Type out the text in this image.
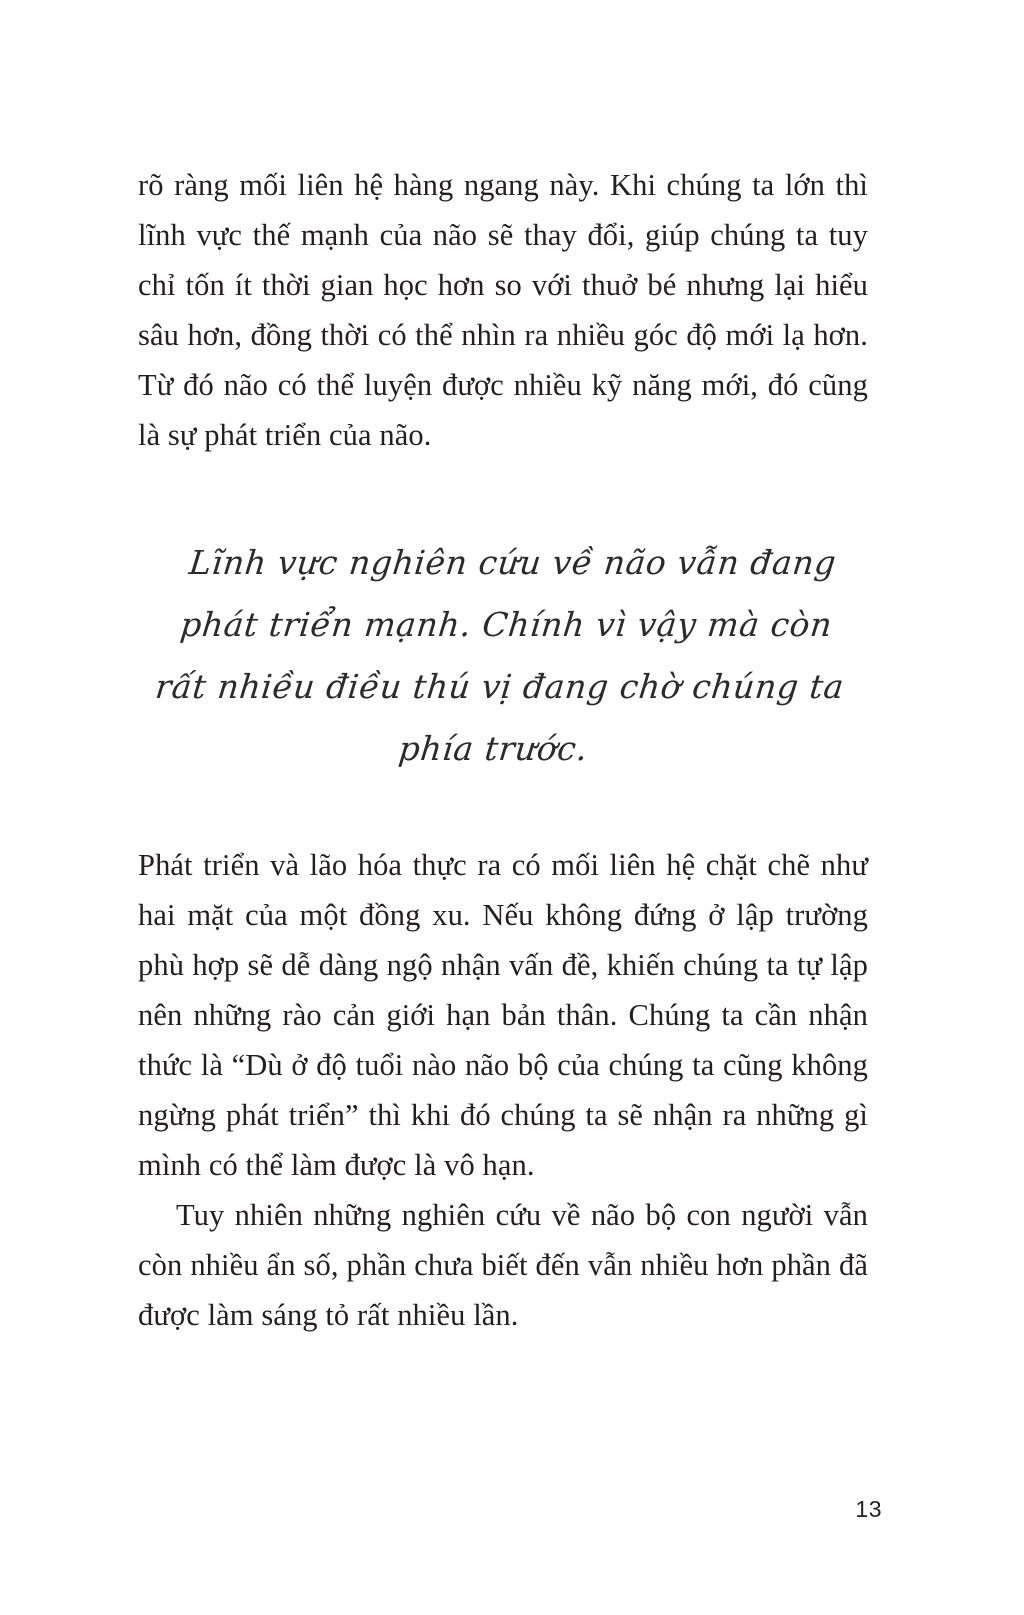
rõ ràng mối liên hệ hàng ngang này. Khi chúng ta lớn thì lĩnh vực thế mạnh của não sẽ thay đổi, giúp chúng ta tuy chỉ tốn ít thời gian học hơn so với thuở bé nhưng lại hiểu sâu hơn, đồng thời có thể nhìn ra nhiều góc độ mới lạ hơn. Từ đó não có thể luyện được nhiều kỹ năng mới, đó cũng là sự phát triển của não.

Lĩnh vực nghiên cứu về não vẫn đang phát triển mạnh. Chính vì vậy mà còn rất nhiều điều thú vị đang chờ chúng ta phía trước.

Phát triển và lão hóa thực ra có mối liên hệ chặt chẽ như hai mặt của một đồng xu. Nếu không đứng ở lập trường phù hợp sẽ dễ dàng ngộ nhận vấn đề, khiến chúng ta tự lập nên những rào cản giới hạn bản thân. Chúng ta cần nhận thức là “Dù ở độ tuổi nào não bộ của chúng ta cũng không ngừng phát triển” thì khi đó chúng ta sẽ nhận ra những gì mình có thể làm được là vô hạn.

Tuy nhiên những nghiên cứu về não bộ con người vẫn còn nhiều ẩn số, phần chưa biết đến vẫn nhiều hơn phần đã được làm sáng tỏ rất nhiều lần.

13
